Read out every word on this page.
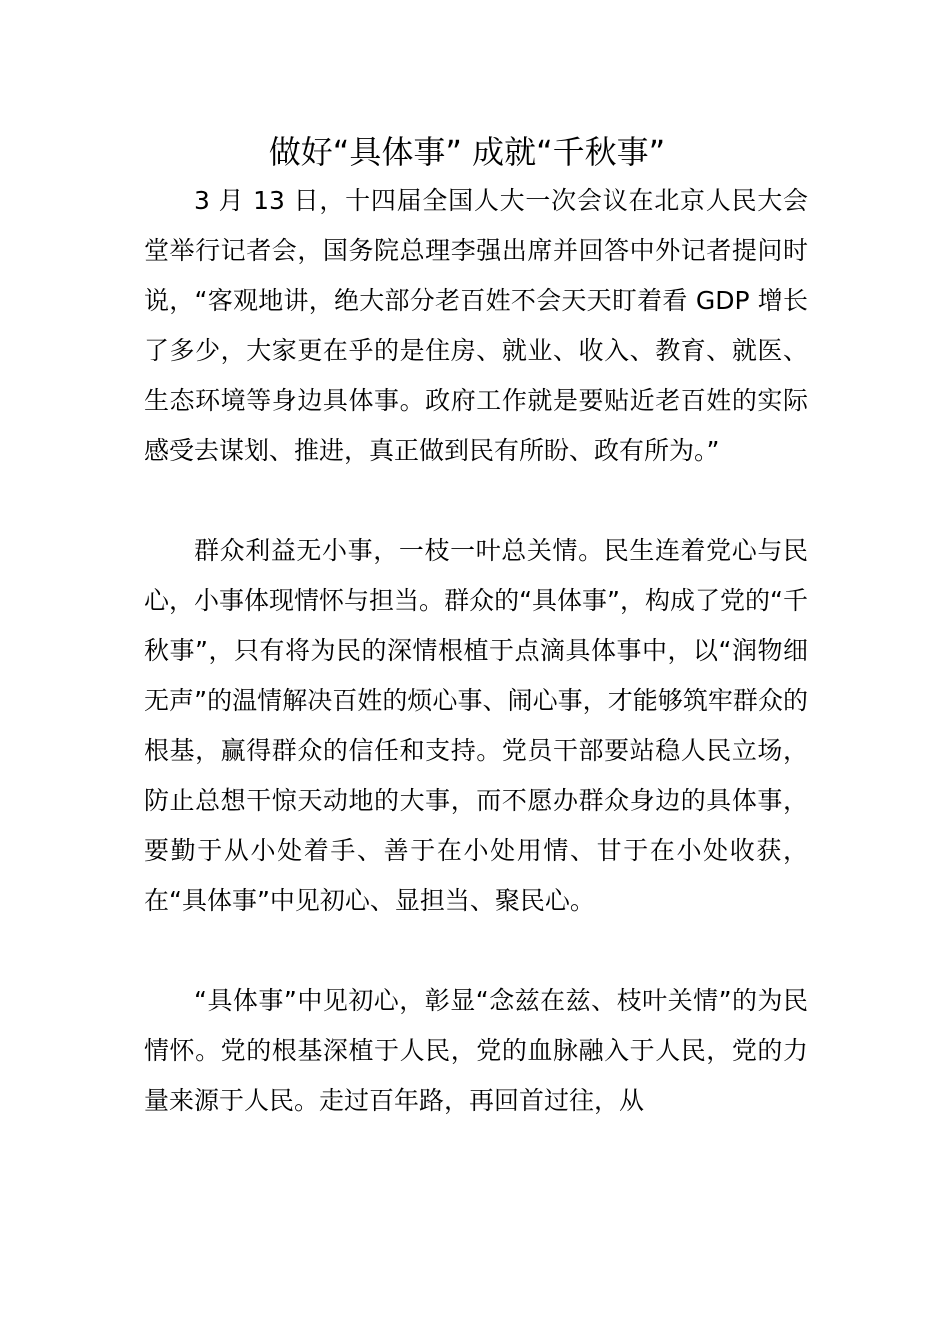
做好“具体事” 成就“千秋事”

3 月 13 日，十四届全国人大一次会议在北京人民大会堂举行记者会，国务院总理李强出席并回答中外记者提问时说，“客观地讲，绝大部分老百姓不会天天盯着看 GDP 增长了多少，大家更在乎的是住房、就业、收入、教育、就医、生态环境等身边具体事。政府工作就是要贴近老百姓的实际感受去谋划、推进，真正做到民有所盼、政有所为。”

群众利益无小事，一枝一叶总关情。民生连着党心与民心，小事体现情怀与担当。群众的“具体事”，构成了党的“千秋事”，只有将为民的深情根植于点滴具体事中，以“润物细无声”的温情解决百姓的烦心事、闹心事，才能够筑牢群众的根基，赢得群众的信任和支持。党员干部要站稳人民立场，防止总想干惊天动地的大事，而不愿办群众身边的具体事，要勤于从小处着手、善于在小处用情、甘于在小处收获，在“具体事”中见初心、显担当、聚民心。

“具体事”中见初心，彰显“念兹在兹、枝叶关情”的为民情怀。党的根基深植于人民，党的血脉融入于人民，党的力量来源于人民。走过百年路，再回首过往，从
